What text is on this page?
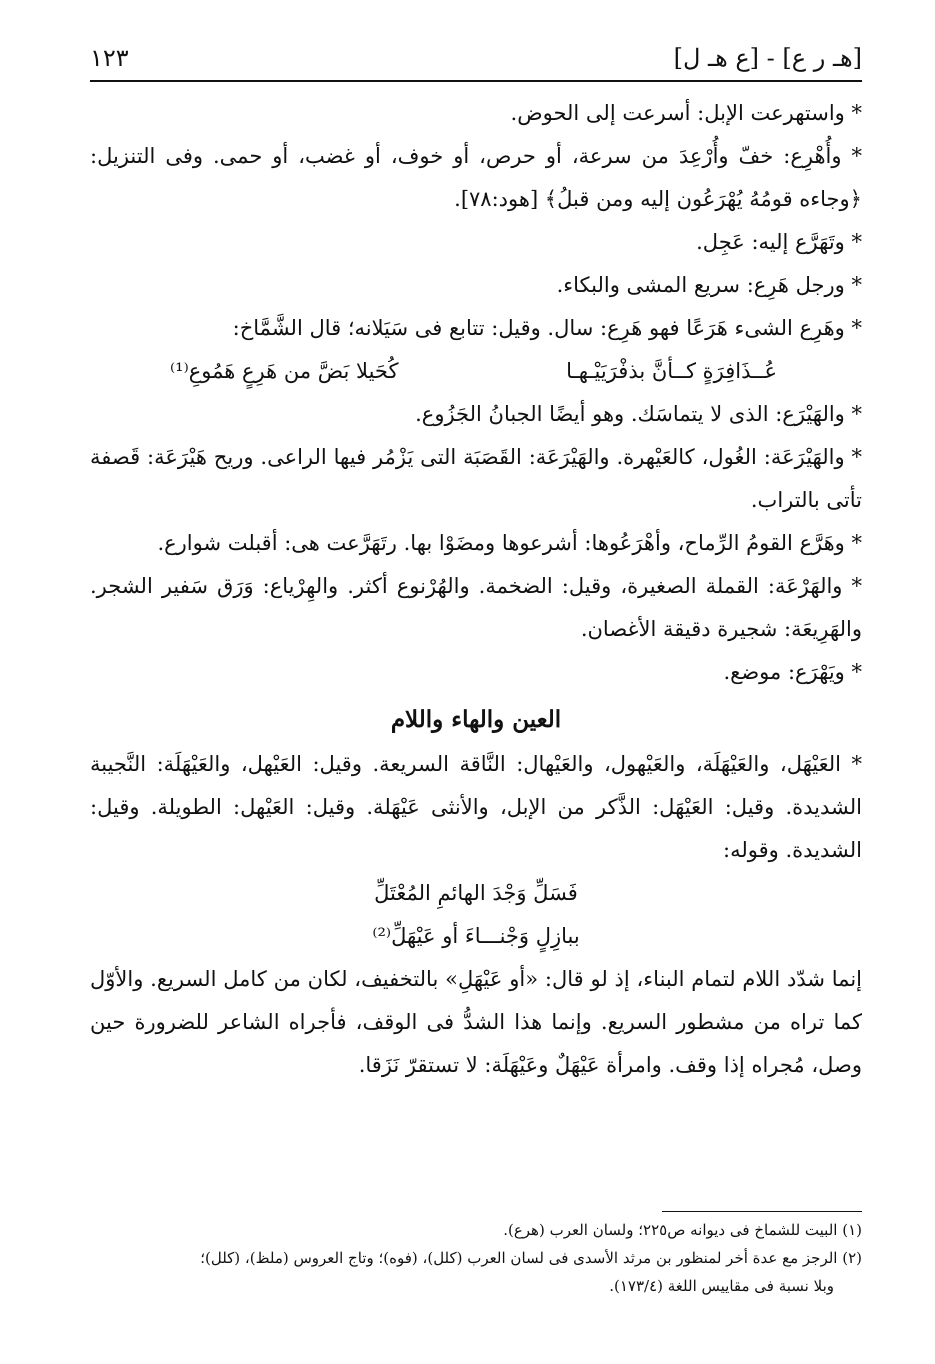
١٢٣	[هـ ر ع] - [ع هـ ل]

* واستهرعت الإبل: أسرعت إلى الحوض.

* وأُهْرِع: خفّ وأُرْعِدَ من سرعة، أو حرص، أو خوف، أو غضب، أو حمى. وفى التنزيل: ﴿وجاءه قومُهُ يُهْرَعُون إليه ومن قبلُ﴾ [هود:٧٨].

* وتَهَرَّع إليه: عَجِل.

* ورجل هَرِع: سريع المشى والبكاء.

* وهَرِع الشىء هَرَعًا فهو هَرِع: سال. وقيل: تتابع فى سَيَلانه؛ قال الشَّمَّاخ:

عُــذَافِرَةٍ كــأنَّ بذفْرَيَيْـهـا
كُحَيلا بَضَّ من هَرِعٍ هَمُوعِ⁽¹⁾

* والهَيْرَع: الذى لا يتماسَك. وهو أيضًا الجبانُ الجَزُوع.

* والهَيْرَعَة: الغُول، كالعَيْهرة. والهَيْرَعَة: القَصَبَة التى يَزْمُر فيها الراعى. وريح هَيْرَعَة: قَصفة تأتى بالتراب.

* وهَرَّع القومُ الرِّماح، وأهْرَعُوها: أشرعوها ومضَوْا بها. رتَهَرَّعت هى: أقبلت شوارع.

* والهَرْعَة: القملة الصغيرة، وقيل: الضخمة. والهُرْنوع أكثر. والهِرْياع: وَرَق سَفير الشجر. والهَرِيعَة: شجيرة دقيقة الأغصان.

* ويَهْرَع: موضع.

العين والهاء واللام

* العَيْهَل، والعَيْهَلَة، والعَيْهول، والعَيْهال: النَّاقة السريعة. وقيل: العَيْهل، والعَيْهَلَة: النَّجيبة الشديدة. وقيل: العَيْهَل: الذَّكر من الإبل، والأنثى عَيْهَلة. وقيل: العَيْهل: الطويلة. وقيل: الشديدة. وقوله:

فَسَلِّ وَجْدَ الهائمِ المُعْتَلِّ
ببازِلٍ وَجْنـــاءَ أو عَيْهَلِّ⁽²⁾

إنما شدّد اللام لتمام البناء، إذ لو قال: «أو عَيْهَلِ» بالتخفيف، لكان من كامل السريع. والأوّل كما تراه من مشطور السريع. وإنما هذا الشدُّ فى الوقف، فأجراه الشاعر للضرورة حين وصل، مُجراه إذا وقف. وامرأة عَيْهَلٌ وعَيْهَلَة: لا تستقرّ نَزَقا.

(١) البيت للشماخ فى ديوانه ص٢٢٥؛ ولسان العرب (هرع).

(٢) الرجز مع عدة أخر لمنظور بن مرثد الأسدى فى لسان العرب (كلل)، (فوه)؛ وتاج العروس (ملظ)، (كلل)؛

وبلا نسبة فى مقاييس اللغة (١٧٣/٤).
